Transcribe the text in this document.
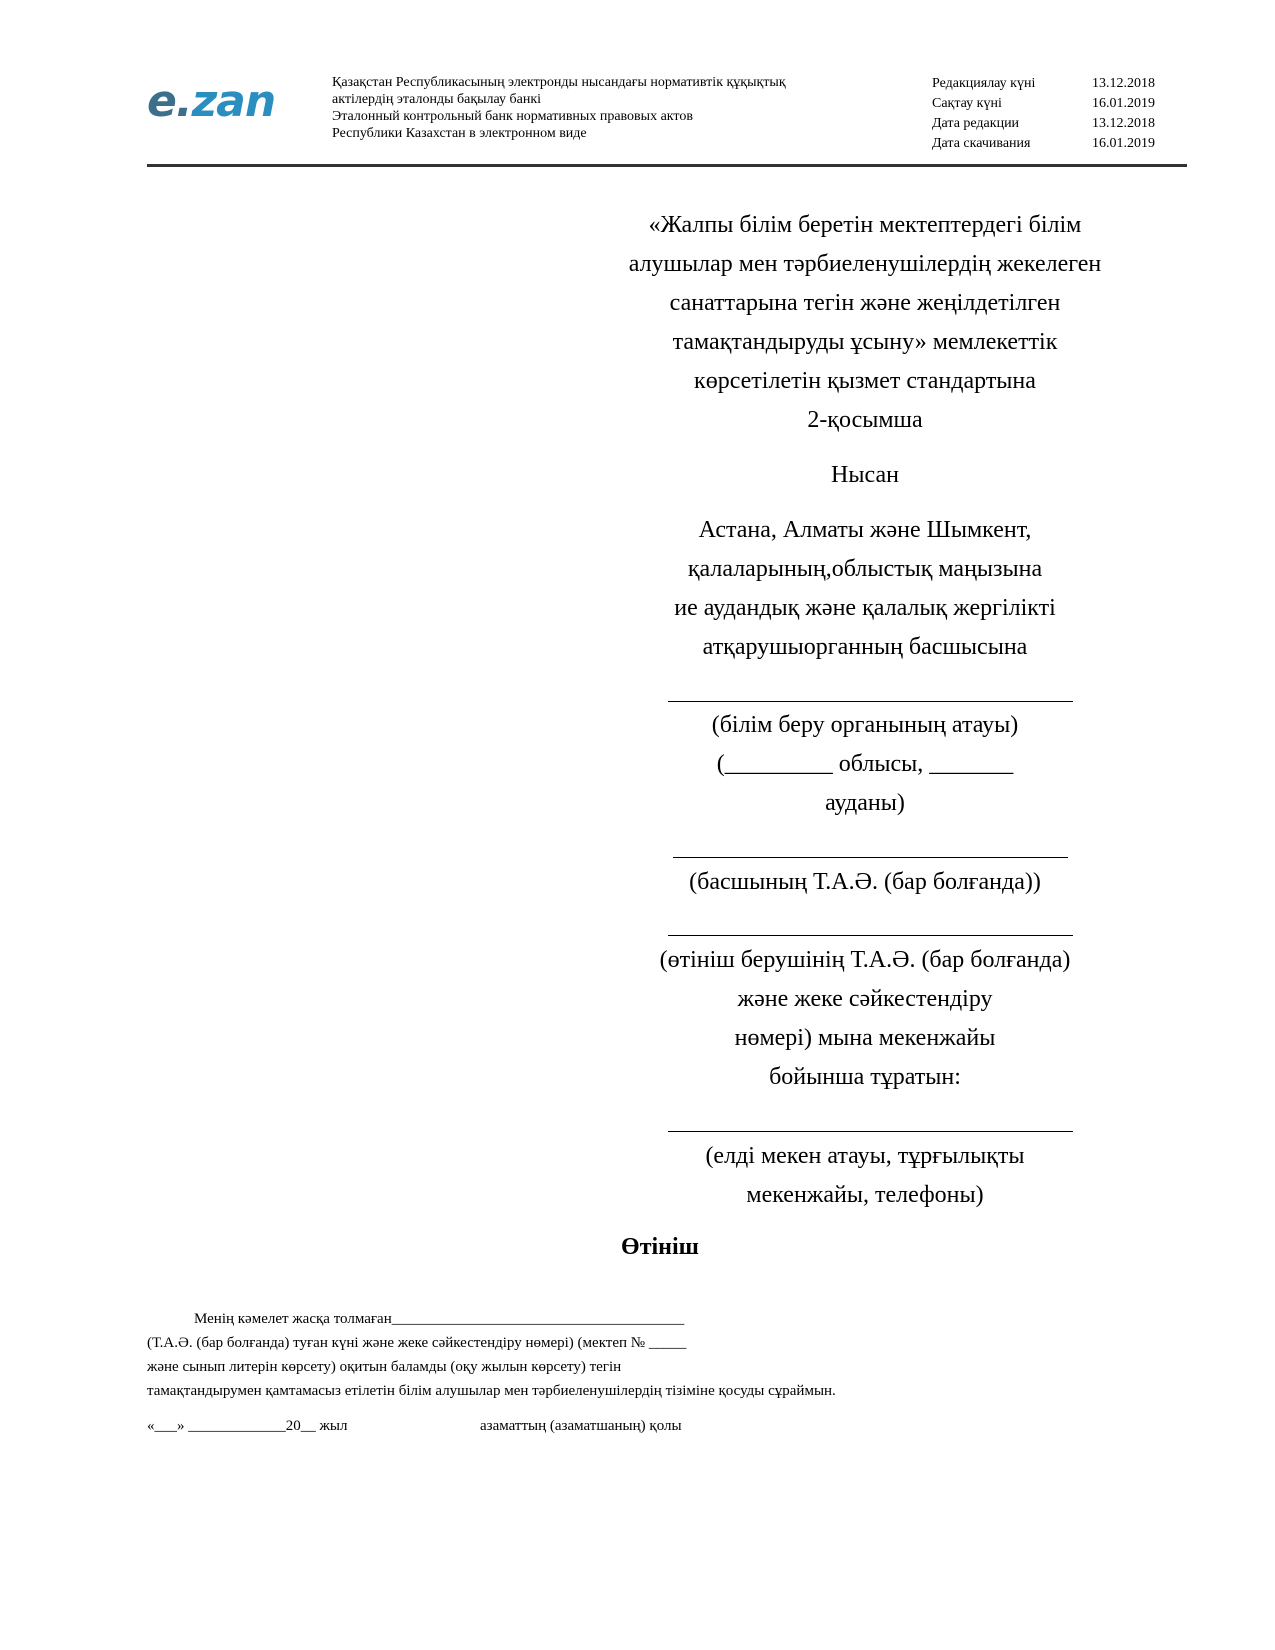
e.zan	Қазақстан Республикасының электронды нысандағы нормативтік құқықтық
актілердің эталонды бақылау банкі
Эталонный контрольный банк нормативных правовых актов
Республики Казахстан в электронном виде
Редакциялау күні	13.12.2018
Сақтау күні	16.01.2019
Дата редакции	13.12.2018
Дата скачивания	16.01.2019
«Жалпы білім беретін мектептердегі білім
алушылар мен тәрбиеленушілердің жекелеген
санаттарына тегін және жеңілдетілген
тамақтандыруды ұсыну» мемлекеттік
көрсетілетін қызмет стандартына
2-қосымша
Нысан
Астана, Алматы және Шымкент,
қалаларының,облыстық маңызына
ие аудандық және қалалық жергілікті
атқарушыорганның басшысына
(білім беру органының атауы)
(_________ облысы, _______
ауданы)
(басшының Т.А.Ә. (бар болғанда))
(өтініш берушінің Т.А.Ә. (бар болғанда)
және жеке сәйкестендіру
нөмері) мына мекенжайы
бойынша тұратын:
(елді мекен атауы, тұрғылықты
мекенжайы, телефоны)
Өтініш
Менің кәмелет жасқа толмаған_______________________________________
(Т.А.Ә. (бар болғанда) туған күні және жеке сәйкестендіру нөмері) (мектеп № _____
және сынып литерін көрсету) оқитын баламды (оқу жылын көрсету) тегін
тамақтандырумен қамтамасыз етілетін білім алушылар мен тәрбиеленушілердің тізіміне қосуды сұраймын.
«___» _____________20__ жыл	азаматтың (азаматшаның) қолы
